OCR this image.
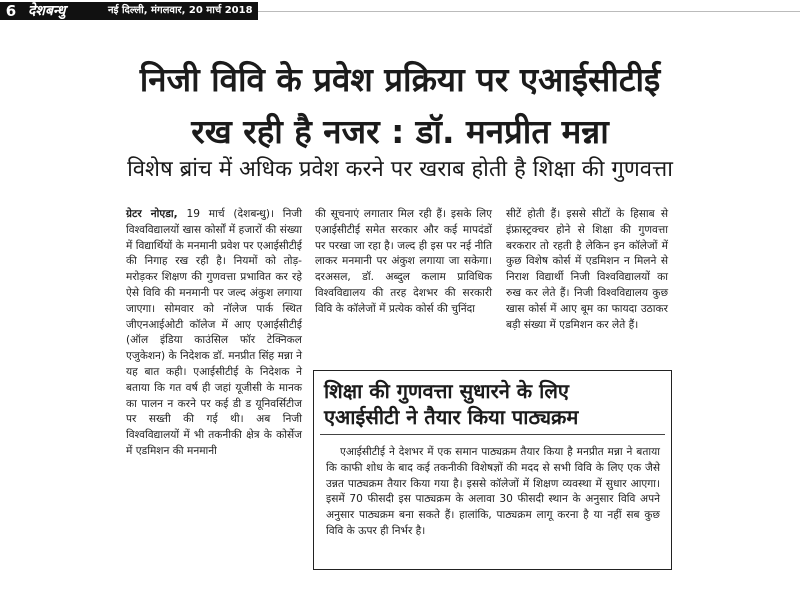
6 देशबन्धु	नई दिल्ली, मंगलवार, 20 मार्च 2018
निजी विवि के प्रवेश प्रक्रिया पर एआईसीटीई
रख रही है नजर : डॉ. मनप्रीत मन्ना
विशेष ब्रांच में अधिक प्रवेश करने पर खराब होती है शिक्षा की गुणवत्ता

ग्रेटर नोएडा, 19 मार्च (देशबन्धु)। निजी विश्वविद्यालयों खास कोर्सों में हजारों की संख्या में विद्यार्थियों के मनमानी प्रवेश पर एआईसीटीई की निगाह रख रही है। नियमों को तोड़-मरोड़कर शिक्षण की गुणवत्ता प्रभावित कर रहे ऐसे विवि की मनमानी पर जल्द अंकुश लगाया जाएगा। सोमवार को नॉलेज पार्क स्थित जीएनआईओटी कॉलेज में आए एआईसीटीई (ऑल इंडिया काउंसिल फॉर टेक्निकल एजुकेशन) के निदेशक डॉ. मनप्रीत सिंह मन्ना ने यह बात कही। एआईसीटीई के निदेशक ने बताया कि गत वर्ष ही जहां यूजीसी के मानक का पालन न करने पर कई डी ड यूनिवर्सिटीज पर सख्ती की गई थी। अब निजी विश्वविद्यालयों में भी तकनीकी क्षेत्र के कोर्सेज में एडमिशन की मनमानी

की सूचनाएं लगातार मिल रही हैं। इसके लिए एआईसीटीई समेत सरकार और कई मापदंडों पर परखा जा रहा है। जल्द ही इस पर नई नीति लाकर मनमानी पर अंकुश लगाया जा सकेगा। दरअसल, डॉ. अब्दुल कलाम प्राविधिक विश्वविद्यालय की तरह देशभर की सरकारी विवि के कॉलेजों में प्रत्येक कोर्स की चुनिंदा

सीटें होती हैं। इससे सीटों के हिसाब से इंफ्रास्ट्रक्चर होने से शिक्षा की गुणवत्ता बरकरार तो रहती है लेकिन इन कॉलेजों में कुछ विशेष कोर्स में एडमिशन न मिलने से निराश विद्यार्थी निजी विश्वविद्यालयों का रुख कर लेते हैं। निजी विश्वविद्यालय कुछ खास कोर्स में आए बूम का फायदा उठाकर बड़ी संख्या में एडमिशन कर लेते हैं।

शिक्षा की गुणवत्ता सुधारने के लिए
एआईसीटी ने तैयार किया पाठ्यक्रम

एआईसीटीई ने देशभर में एक समान पाठ्यक्रम तैयार किया है मनप्रीत मन्ना ने बताया कि काफी शोध के बाद कई तकनीकी विशेषज्ञों की मदद से सभी विवि के लिए एक जैसे उन्नत पाठ्यक्रम तैयार किया गया है। इससे कॉलेजों में शिक्षण व्यवस्था में सुधार आएगा। इसमें 70 फीसदी इस पाठ्यक्रम के अलावा 30 फीसदी स्थान के अनुसार विवि अपने अनुसार पाठ्यक्रम बना सकते हैं। हालांकि, पाठ्यक्रम लागू करना है या नहीं सब कुछ विवि के ऊपर ही निर्भर है।
